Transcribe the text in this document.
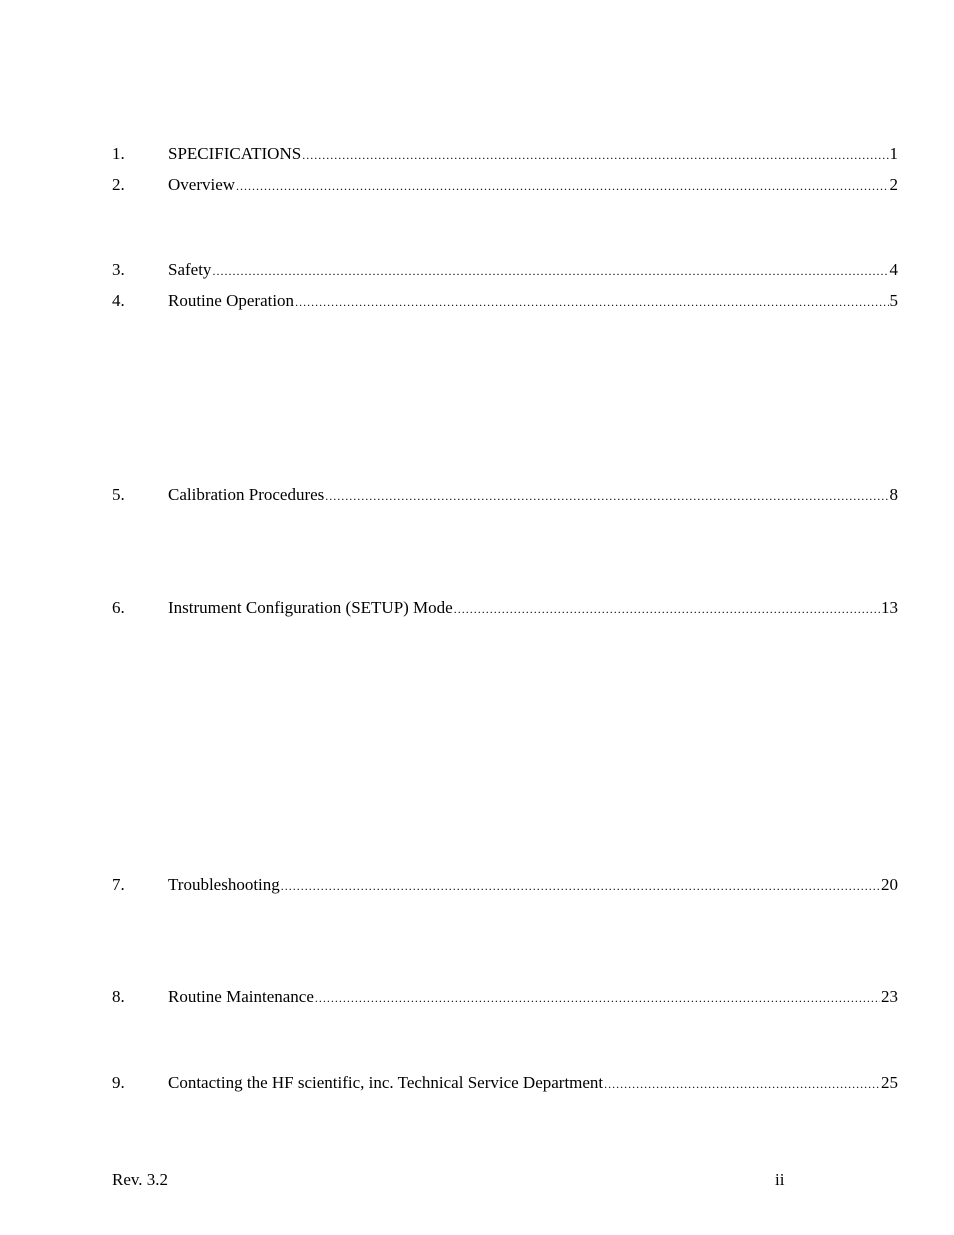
1.	SPECIFICATIONS .....	1
2.	Overview .....	2
3.	Safety .....	4
4.	Routine Operation .....	5
5.	Calibration Procedures .....	8
6.	Instrument Configuration (SETUP) Mode .....	13
7.	Troubleshooting .....	20
8.	Routine Maintenance .....	23
9.	Contacting the HF scientific, inc. Technical Service Department .....	25
Rev. 3.2	ii
